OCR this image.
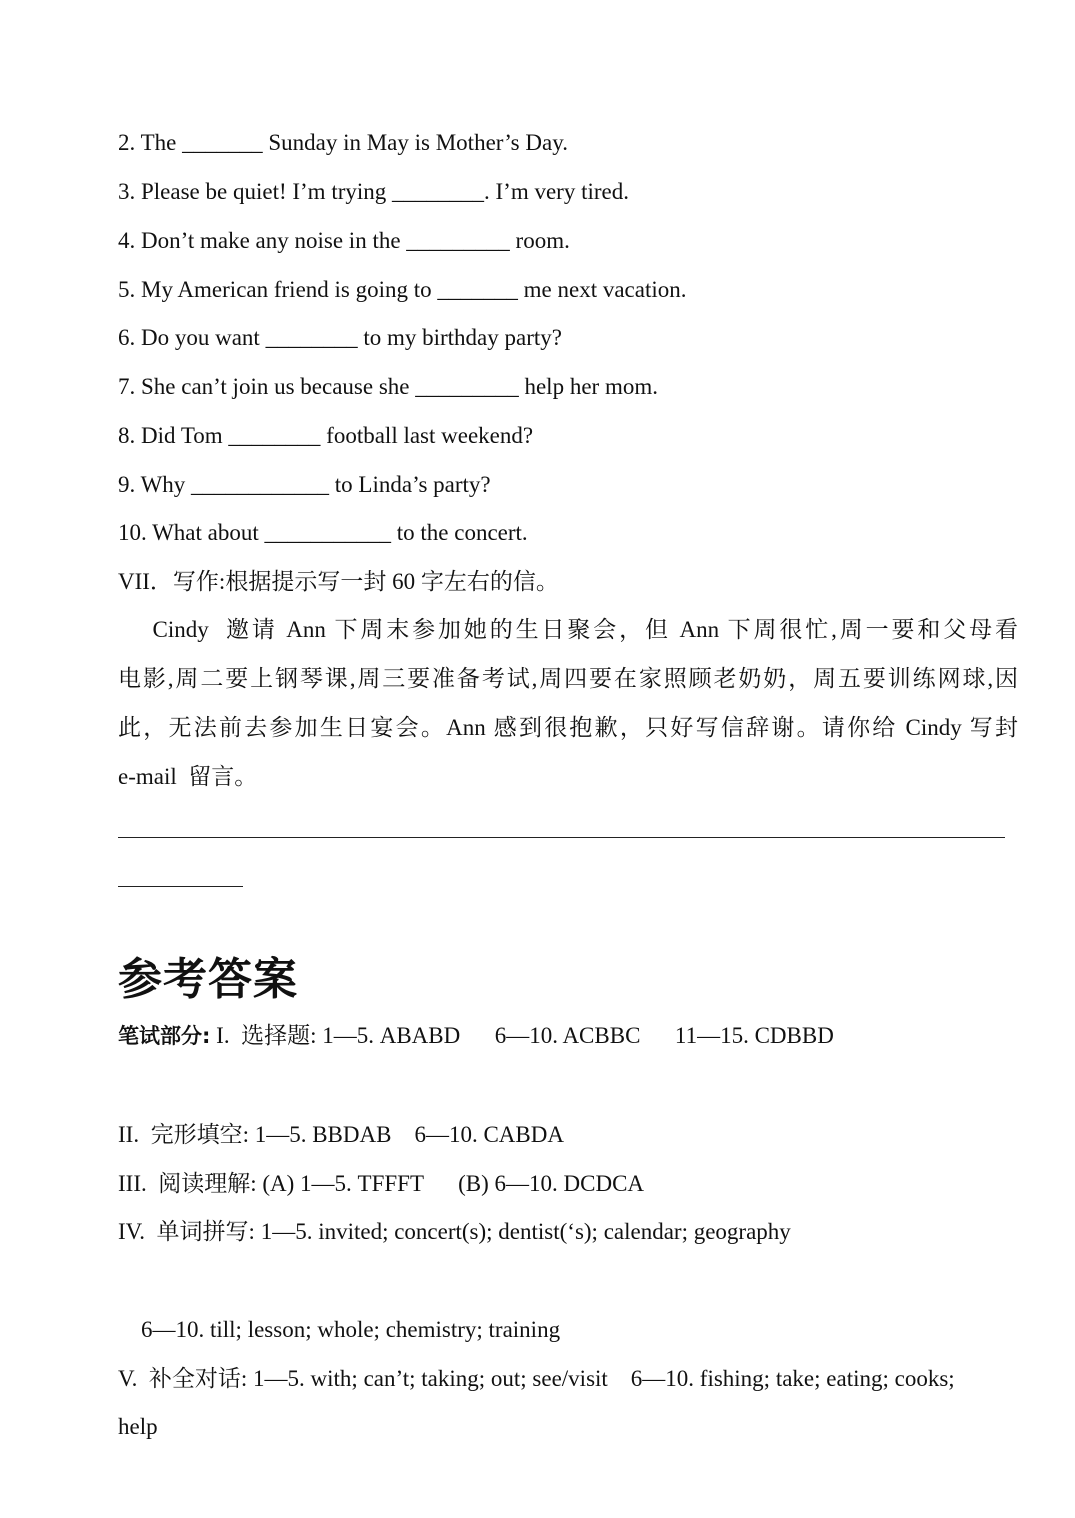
2. The _______ Sunday in May is Mother’s Day.
3. Please be quiet! I’m trying ________. I’m very tired.
4. Don’t make any noise in the _________ room.
5. My American friend is going to _______ me next vacation.
6. Do you want ________ to my birthday party?
7. She can’t join us because she _________ help her mom.
8. Did Tom ________ football last weekend?
9. Why ____________ to Linda’s party?
10. What about ___________ to the concert.
VII．写作:根据提示写一封 60 字左右的信。
Cindy  邀请 Ann 下周末参加她的生日聚会，但 Ann 下周很忙,周一要和父母看
电影,周二要上钢琴课,周三要准备考试,周四要在家照顾老奶奶，周五要训练网球,因
此，无法前去参加生日宴会。Ann 感到很抱歉，只好写信辞谢。请你给 Cindy 写封
e-mail  留言。
参考答案
笔试部分: I.  选择题: 1—5. ABABD      6—10. ACBBC      11—15. CDBBD
II.  完形填空: 1—5. BBDAB    6—10. CABDA
III.  阅读理解: (A) 1—5. TFFFT      (B) 6—10. DCDCA
IV.  单词拼写: 1—5. invited; concert(s); dentist(‘s); calendar; geography
6—10. till; lesson; whole; chemistry; training
V.  补全对话: 1—5. with; can’t; taking; out; see/visit    6—10. fishing; take; eating; cooks;
help
